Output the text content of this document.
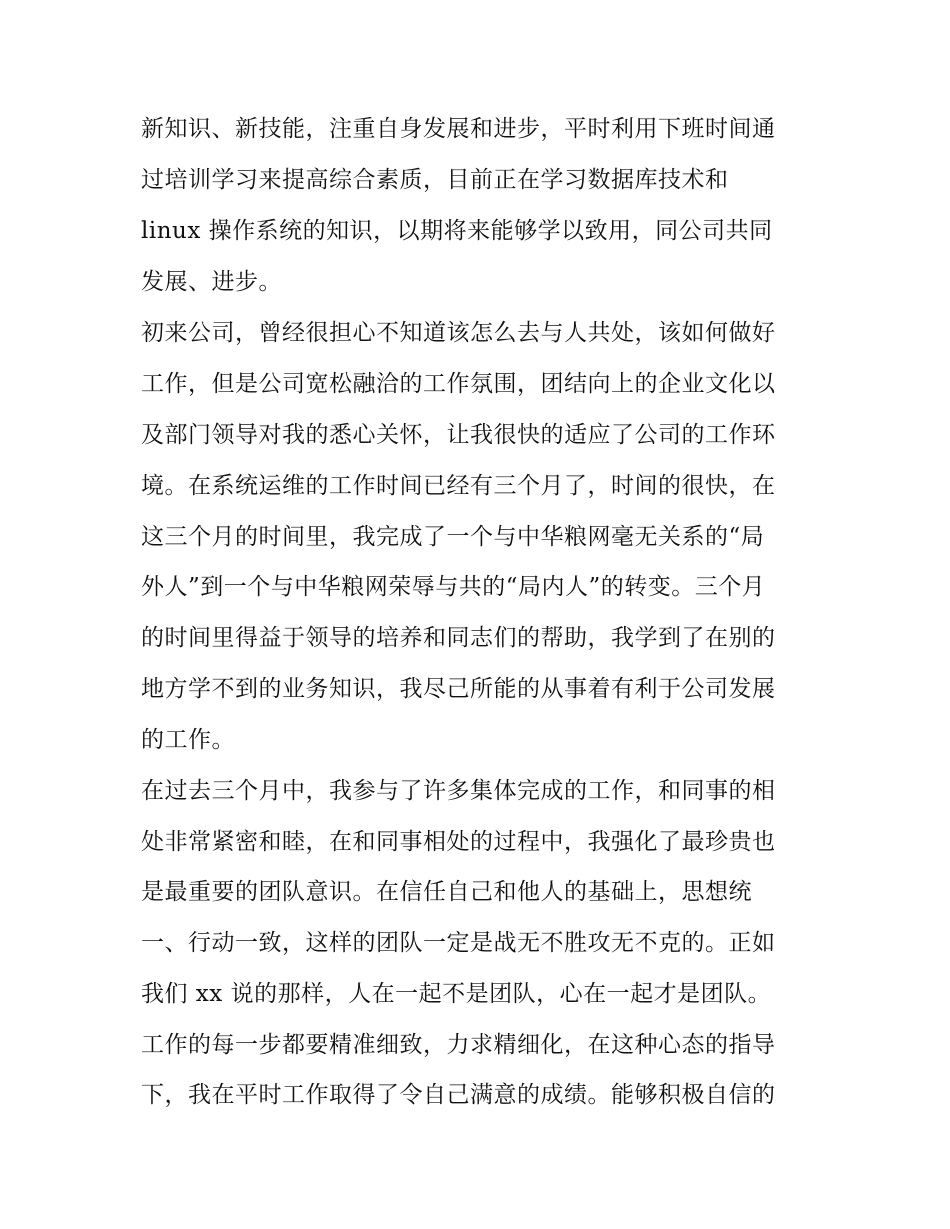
新知识、新技能，注重自身发展和进步，平时利用下班时间通
过培训学习来提高综合素质，目前正在学习数据库技术和
linux 操作系统的知识，以期将来能够学以致用，同公司共同
发展、进步。
初来公司，曾经很担心不知道该怎么去与人共处，该如何做好
工作，但是公司宽松融洽的工作氛围，团结向上的企业文化以
及部门领导对我的悉心关怀，让我很快的适应了公司的工作环
境。在系统运维的工作时间已经有三个月了，时间的很快，在
这三个月的时间里，我完成了一个与中华粮网毫无关系的“局
外人”到一个与中华粮网荣辱与共的“局内人”的转变。三个月
的时间里得益于领导的培养和同志们的帮助，我学到了在别的
地方学不到的业务知识，我尽己所能的从事着有利于公司发展
的工作。
在过去三个月中，我参与了许多集体完成的工作，和同事的相
处非常紧密和睦，在和同事相处的过程中，我强化了最珍贵也
是最重要的团队意识。在信任自己和他人的基础上，思想统
一、行动一致，这样的团队一定是战无不胜攻无不克的。正如
我们 xx 说的那样，人在一起不是团队，心在一起才是团队。
工作的每一步都要精准细致，力求精细化，在这种心态的指导
下，我在平时工作取得了令自己满意的成绩。能够积极自信的
